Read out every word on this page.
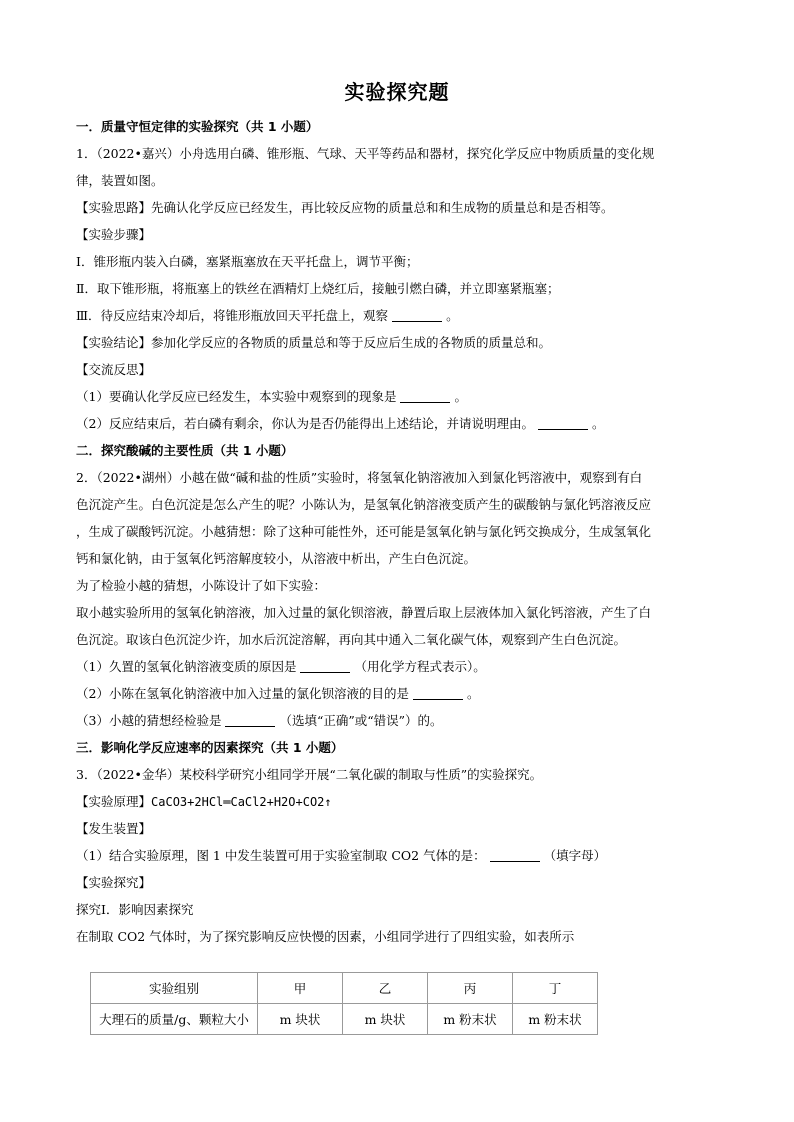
实验探究题
一．质量守恒定律的实验探究（共 1 小题）
1．（2022•嘉兴）小舟选用白磷、锥形瓶、气球、天平等药品和器材，探究化学反应中物质质量的变化规
律，装置如图。
【实验思路】先确认化学反应已经发生，再比较反应物的质量总和和生成物的质量总和是否相等。
【实验步骤】
Ⅰ．锥形瓶内装入白磷，塞紧瓶塞放在天平托盘上，调节平衡；
Ⅱ．取下锥形瓶，将瓶塞上的铁丝在酒精灯上烧红后，接触引燃白磷，并立即塞紧瓶塞；
Ⅲ．待反应结束冷却后，将锥形瓶放回天平托盘上，观察	。
【实验结论】参加化学反应的各物质的质量总和等于反应后生成的各物质的质量总和。
【交流反思】
（1）要确认化学反应已经发生，本实验中观察到的现象是	。
（2）反应结束后，若白磷有剩余，你认为是否仍能得出上述结论，并请说明理由。	。
二．探究酸碱的主要性质（共 1 小题）
2．（2022•湖州）小越在做“碱和盐的性质”实验时，将氢氧化钠溶液加入到氯化钙溶液中，观察到有白
色沉淀产生。白色沉淀是怎么产生的呢？小陈认为，是氢氧化钠溶液变质产生的碳酸钠与氯化钙溶液反应
，生成了碳酸钙沉淀。小越猜想：除了这种可能性外，还可能是氢氧化钠与氯化钙交换成分，生成氢氧化
钙和氯化钠，由于氢氧化钙溶解度较小，从溶液中析出，产生白色沉淀。
为了检验小越的猜想，小陈设计了如下实验：
取小越实验所用的氢氧化钠溶液，加入过量的氯化钡溶液，静置后取上层液体加入氯化钙溶液，产生了白
色沉淀。取该白色沉淀少许，加水后沉淀溶解，再向其中通入二氧化碳气体，观察到产生白色沉淀。
（1）久置的氢氧化钠溶液变质的原因是	（用化学方程式表示）。
（2）小陈在氢氧化钠溶液中加入过量的氯化钡溶液的目的是	。
（3）小越的猜想经检验是	（选填“正确”或“错误”）的。
三．影响化学反应速率的因素探究（共 1 小题）
3．（2022•金华）某校科学研究小组同学开展“二氧化碳的制取与性质”的实验探究。
【实验原理】CaCO3+2HCl═CaCl2+H2O+CO2↑
【发生装置】
（1）结合实验原理，图 1 中发生装置可用于实验室制取 CO2 气体的是：	（填字母）
【实验探究】
探究Ⅰ．影响因素探究
在制取 CO2 气体时，为了探究影响反应快慢的因素，小组同学进行了四组实验，如表所示
实验组别	甲	乙	丙	丁
大理石的质量/g、颗粒大小	m 块状	m 块状	m 粉末状	m 粉末状
